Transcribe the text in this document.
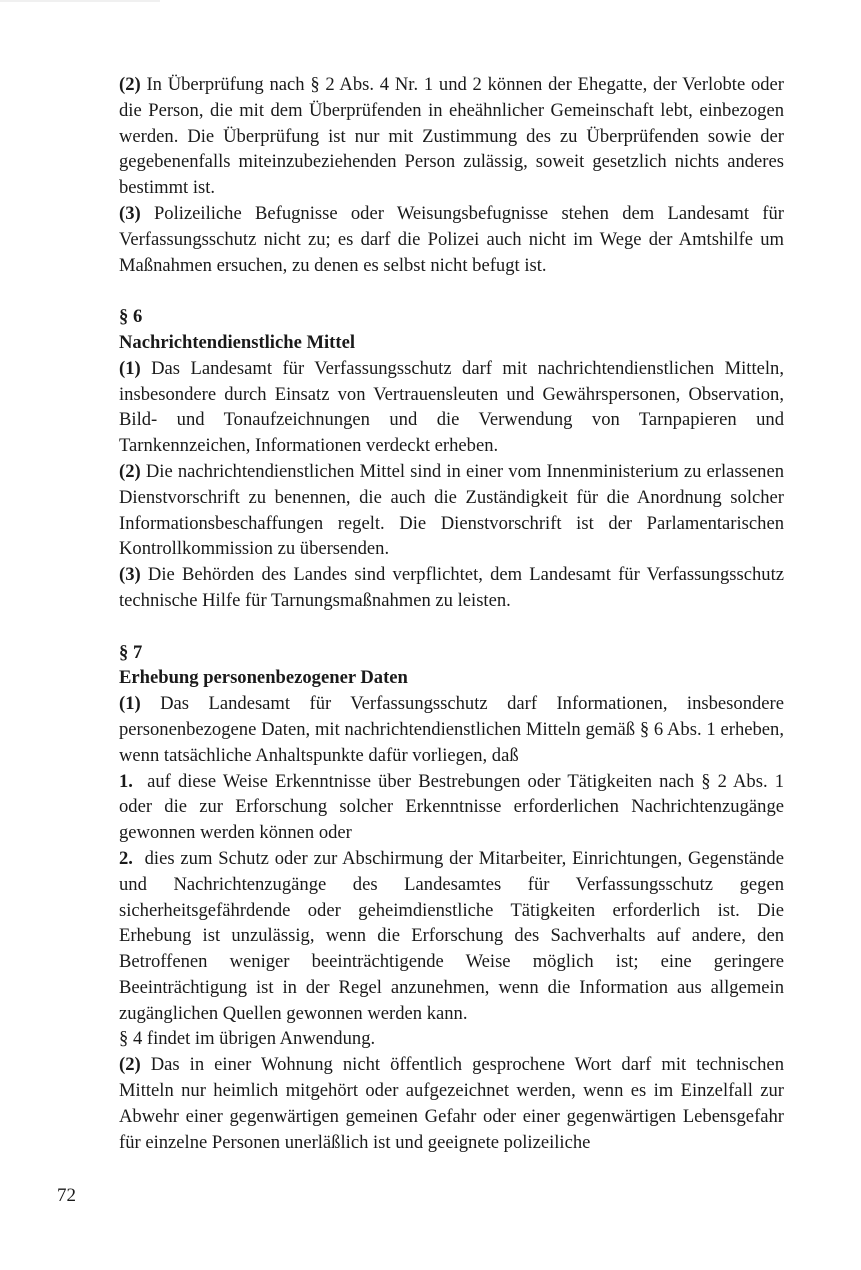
(2) In Überprüfung nach § 2 Abs. 4 Nr. 1 und 2 können der Ehegatte, der Verlobte oder die Person, die mit dem Überprüfenden in eheähnlicher Gemeinschaft lebt, einbezogen werden. Die Überprüfung ist nur mit Zustimmung des zu Überprüfenden sowie der gegebenenfalls miteinzubeziehenden Person zulässig, soweit gesetzlich nichts anderes bestimmt ist.

(3) Polizeiliche Befugnisse oder Weisungsbefugnisse stehen dem Landesamt für Verfassungsschutz nicht zu; es darf die Polizei auch nicht im Wege der Amtshilfe um Maßnahmen ersuchen, zu denen es selbst nicht befugt ist.

§ 6

Nachrichtendienstliche Mittel

(1) Das Landesamt für Verfassungsschutz darf mit nachrichtendienstlichen Mitteln, insbesondere durch Einsatz von Vertrauensleuten und Gewährspersonen, Observation, Bild- und Tonaufzeichnungen und die Verwendung von Tarnpapieren und Tarnkennzeichen, Informationen verdeckt erheben.

(2) Die nachrichtendienstlichen Mittel sind in einer vom Innenministerium zu erlassenen Dienstvorschrift zu benennen, die auch die Zuständigkeit für die Anordnung solcher Informationsbeschaffungen regelt. Die Dienstvorschrift ist der Parlamentarischen Kontrollkommission zu übersenden.

(3) Die Behörden des Landes sind verpflichtet, dem Landesamt für Verfassungsschutz technische Hilfe für Tarnungsmaßnahmen zu leisten.

§ 7

Erhebung personenbezogener Daten

(1) Das Landesamt für Verfassungsschutz darf Informationen, insbesondere personenbezogene Daten, mit nachrichtendienstlichen Mitteln gemäß § 6 Abs. 1 erheben, wenn tatsächliche Anhaltspunkte dafür vorliegen, daß

1.  auf diese Weise Erkenntnisse über Bestrebungen oder Tätigkeiten nach § 2 Abs. 1 oder die zur Erforschung solcher Erkenntnisse erforderlichen Nachrichtenzugänge gewonnen werden können oder

2.  dies zum Schutz oder zur Abschirmung der Mitarbeiter, Einrichtungen, Gegenstände und Nachrichtenzugänge des Landesamtes für Verfassungsschutz gegen sicherheitsgefährdende oder geheimdienstliche Tätigkeiten erforderlich ist. Die Erhebung ist unzulässig, wenn die Erforschung des Sachverhalts auf andere, den Betroffenen weniger beeinträchtigende Weise möglich ist; eine geringere Beeinträchtigung ist in der Regel anzunehmen, wenn die Information aus allgemein zugänglichen Quellen gewonnen werden kann.

§ 4 findet im übrigen Anwendung.

(2) Das in einer Wohnung nicht öffentlich gesprochene Wort darf mit technischen Mitteln nur heimlich mitgehört oder aufgezeichnet werden, wenn es im Einzelfall zur Abwehr einer gegenwärtigen gemeinen Gefahr oder einer gegenwärtigen Lebensgefahr für einzelne Personen unerläßlich ist und geeignete polizeiliche

72
